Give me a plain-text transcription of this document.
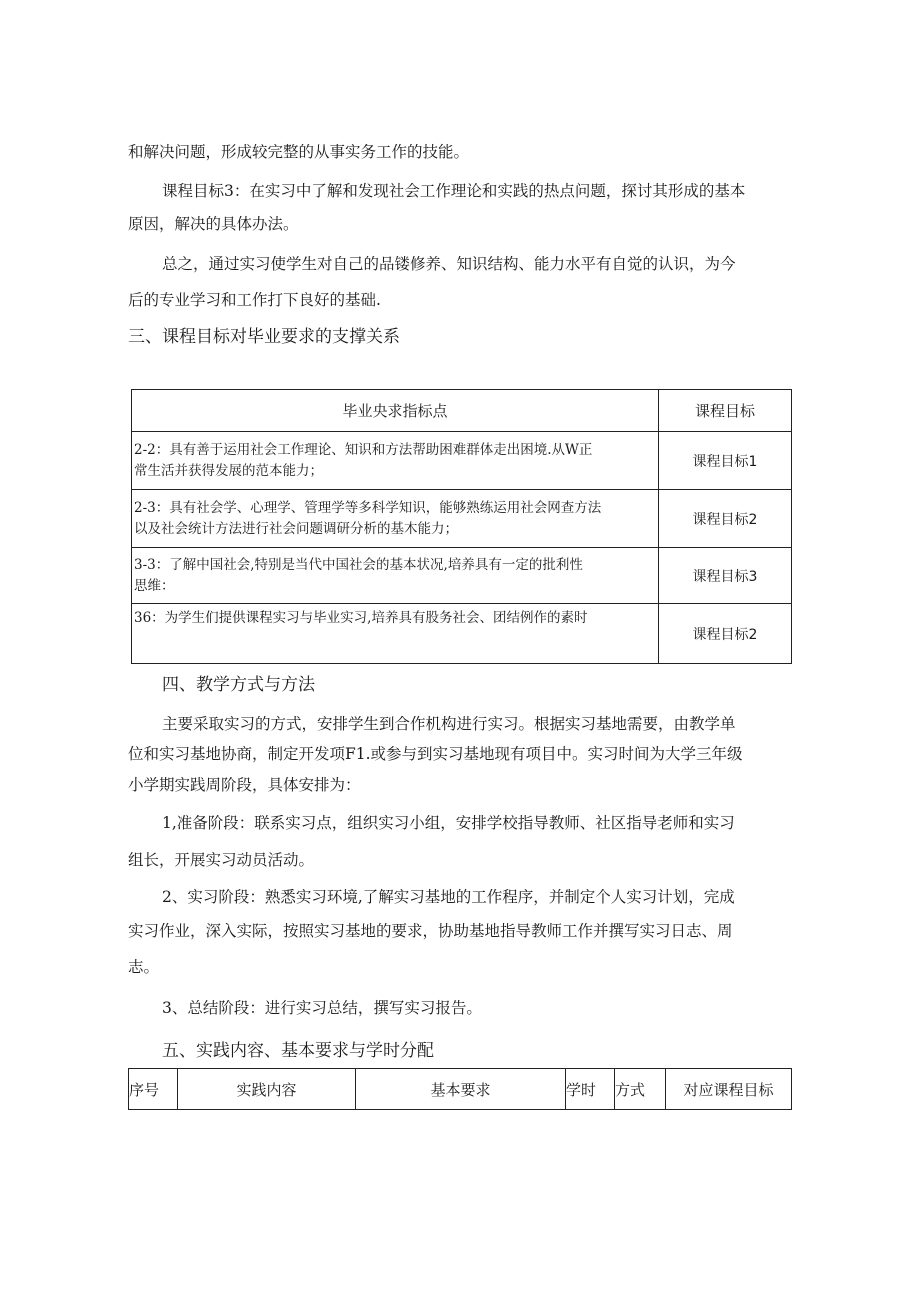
和解决问题，形成较完整的从事实务工作的技能。
课程目标3：在实习中了解和发现社会工作理论和实践的热点问题，探讨其形成的基本
原因，解决的具体办法。
总之，通过实习使学生对自己的品镂修养、知识结构、能力水平有自觉的认识，为今
后的专业学习和工作打下良好的基础.
三、课程目标对毕业要求的支撑关系
毕业央求指标点	课程目标

2-2：具有善于运用社会工作理论、知识和方法帮助困难群体走出困境.从W正
常生活并获得发展的范本能力；	课程目标1

2-3：具有社会学、心理学、管理学等多科学知识，能够熟练运用社会网查方法
以及社会统计方法进行社会问题调研分析的基木能力；	课程目标2

3-3：了解中国社会,特别是当代中国社会的基本状况,培养具有一定的批利性
思维：	课程目标3

36：为学生们提供课程实习与毕业实习,培养具有股务社会、团结例作的素时	课程目标2
四、教学方式与方法
主要采取实习的方式，安排学生到合作机构进行实习。根据实习基地需要，由教学单
位和实习基地协商，制定开发项F1.或参与到实习基地现有项目中。实习时间为大学三年级
小学期实践周阶段，具体安排为：
1,准备阶段：联系实习点，组织实习小组，安排学校指导教师、社区指导老师和实习
组长，开展实习动员活动。
2、实习阶段：熟悉实习环境,了解实习基地的工作程序，并制定个人实习计划，完成
实习作业，深入实际，按照实习基地的要求，协助基地指导教师工作并撰写实习日志、周
志。
3、总结阶段：进行实习总结，撰写实习报告。
五、实践内容、基本要求与学时分配
序号	实践内容	基本要求	学时	方式	对应课程目标
